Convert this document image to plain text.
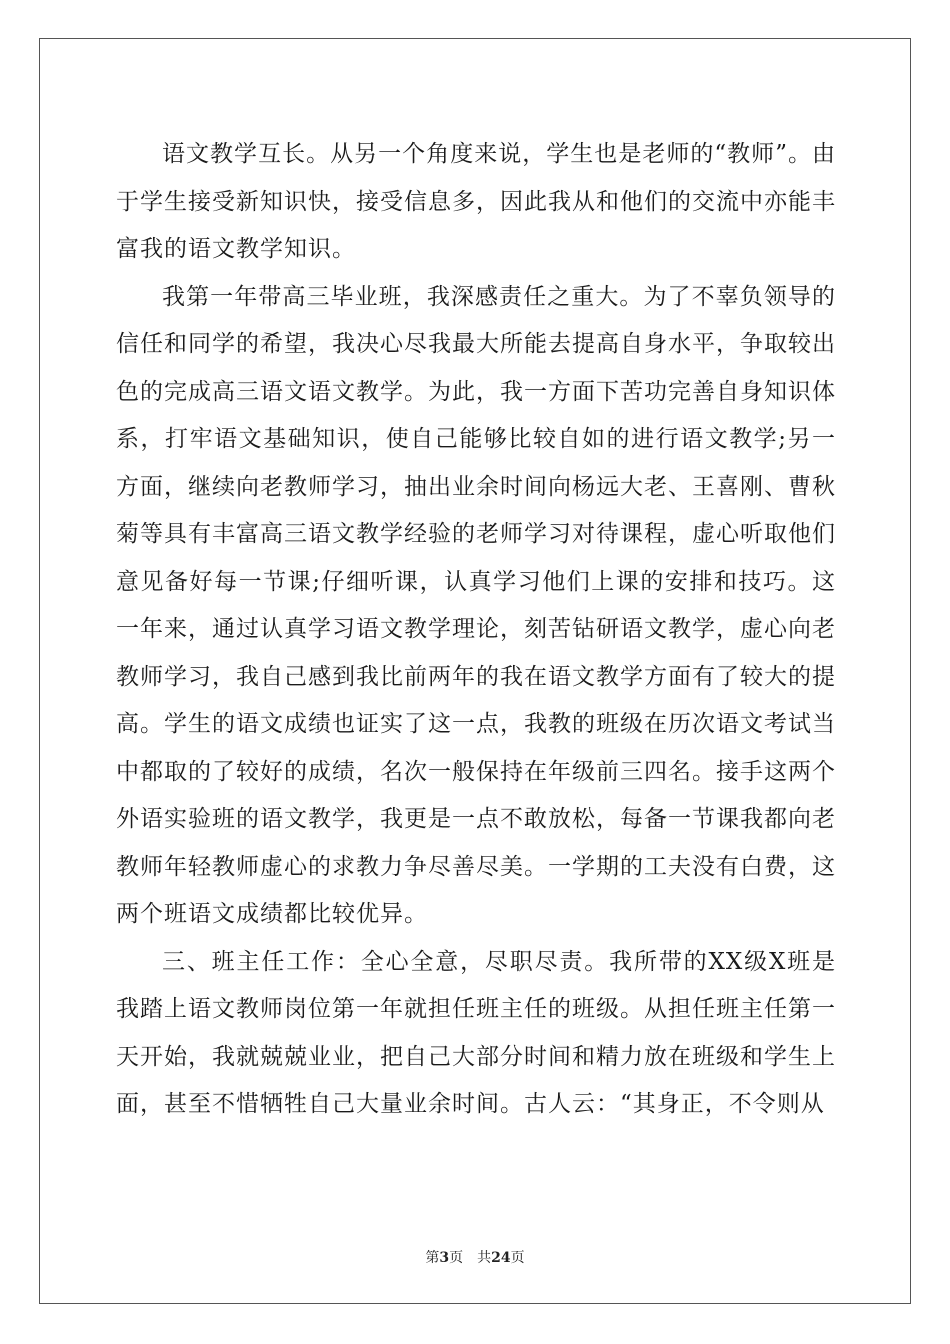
语文教学互长。从另一个角度来说，学生也是老师的“教师”。由于学生接受新知识快，接受信息多，因此我从和他们的交流中亦能丰富我的语文教学知识。

我第一年带高三毕业班，我深感责任之重大。为了不辜负领导的信任和同学的希望，我决心尽我最大所能去提高自身水平，争取较出色的完成高三语文语文教学。为此，我一方面下苦功完善自身知识体系，打牢语文基础知识，使自己能够比较自如的进行语文教学;另一方面，继续向老教师学习，抽出业余时间向杨远大老、王喜刚、曹秋菊等具有丰富高三语文教学经验的老师学习对待课程，虚心听取他们意见备好每一节课;仔细听课，认真学习他们上课的安排和技巧。这一年来，通过认真学习语文教学理论，刻苦钻研语文教学，虚心向老教师学习，我自己感到我比前两年的我在语文教学方面有了较大的提高。学生的语文成绩也证实了这一点，我教的班级在历次语文考试当中都取的了较好的成绩，名次一般保持在年级前三四名。接手这两个外语实验班的语文教学，我更是一点不敢放松，每备一节课我都向老教师年轻教师虚心的求教力争尽善尽美。一学期的工夫没有白费，这两个班语文成绩都比较优异。

三、班主任工作：全心全意，尽职尽责。我所带的XX级X班是我踏上语文教师岗位第一年就担任班主任的班级。从担任班主任第一天开始，我就兢兢业业，把自己大部分时间和精力放在班级和学生上面，甚至不惜牺牲自己大量业余时间。古人云：“其身正，不令则从

第3页 共24页
